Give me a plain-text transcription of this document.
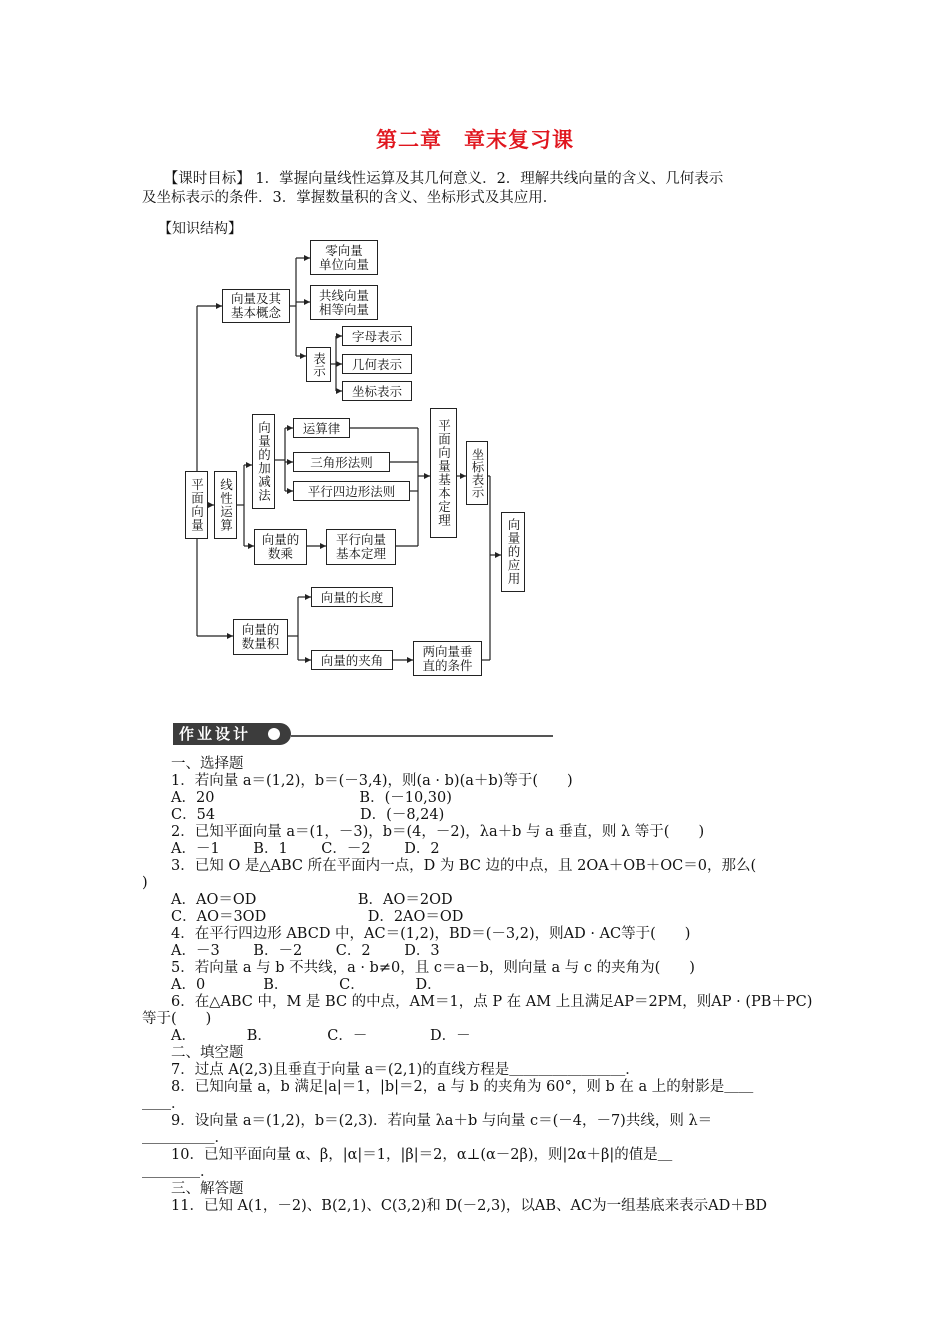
第二章　章末复习课
　　【课时目标】 1．掌握向量线性运算及其几何意义．2．理解共线向量的含义、几何表示
及坐标表示的条件．3．掌握数量积的含义、坐标形式及其应用．
【知识结构】
平面向量
向量及其
基本概念
零向量
单位向量
共线向量
相等向量
表示
字母表示
几何表示
坐标表示
线性运算
向量的加减法 运算律
三角形法则
平行四边形法则
向量的
数乘
平行向量
基本定理
平面向量基本定理 坐标表示
向量的应用
向量的
数量积
向量的长度
向量的夹角
两向量垂
直的条件
作业设计
　　一、选择题
　　1．若向量 a＝(1,2)，b＝(－3,4)，则(a · b)(a＋b)等于(　　)
　　A．20　　　　　　　　　　B．(－10,30)
　　C．54　　　　　　　　　　D．(－8,24)
　　2．已知平面向量 a＝(1，－3)，b＝(4，－2)，λa＋b 与 a 垂直，则 λ 等于(　　)
　　A．－1　　 B．1　　 C．－2　　 D．2
　　3．已知 O 是△ABC 所在平面内一点，D 为 BC 边的中点，且 2OA＋OB＋OC＝0，那么(
)
　　A．AO＝OD　　　　　　　B．AO＝2OD
　　C．AO＝3OD　　　　　　　D．2AO＝OD
　　4．在平行四边形 ABCD 中，AC＝(1,2)，BD＝(－3,2)，则AD · AC等于(　　)
　　A．－3　　 B．－2　　 C．2　　 D．3
　　5．若向量 a 与 b 不共线，a · b≠0，且 c＝a－b，则向量 a 与 c 的夹角为(　　)
　　A．0　　　　B．　　　　C．　　　　D．
　　6．在△ABC 中，M 是 BC 的中点，AM＝1，点 P 在 AM 上且满足AP＝2PM，则AP · (PB＋PC)
等于(　　)
　　A．　　　　B．　　　　 C．－　　　　 D．－
　　二、填空题
　　7．过点 A(2,3)且垂直于向量 a＝(2,1)的直线方程是＿＿＿＿＿＿＿＿．
　　8．已知向量 a，b 满足|a|＝1，|b|＝2，a 与 b 的夹角为 60°，则 b 在 a 上的射影是＿＿
＿＿．
　　9．设向量 a＝(1,2)，b＝(2,3)．若向量 λa＋b 与向量 c＝(－4，－7)共线，则 λ＝
＿＿＿＿＿．
　　10．已知平面向量 α、β，|α|＝1，|β|＝2，α⊥(α－2β)，则|2α＋β|的值是＿
＿＿＿＿．
　　三、解答题
　　11．已知 A(1，－2)、B(2,1)、C(3,2)和 D(－2,3)，以AB、AC为一组基底来表示AD＋BD
